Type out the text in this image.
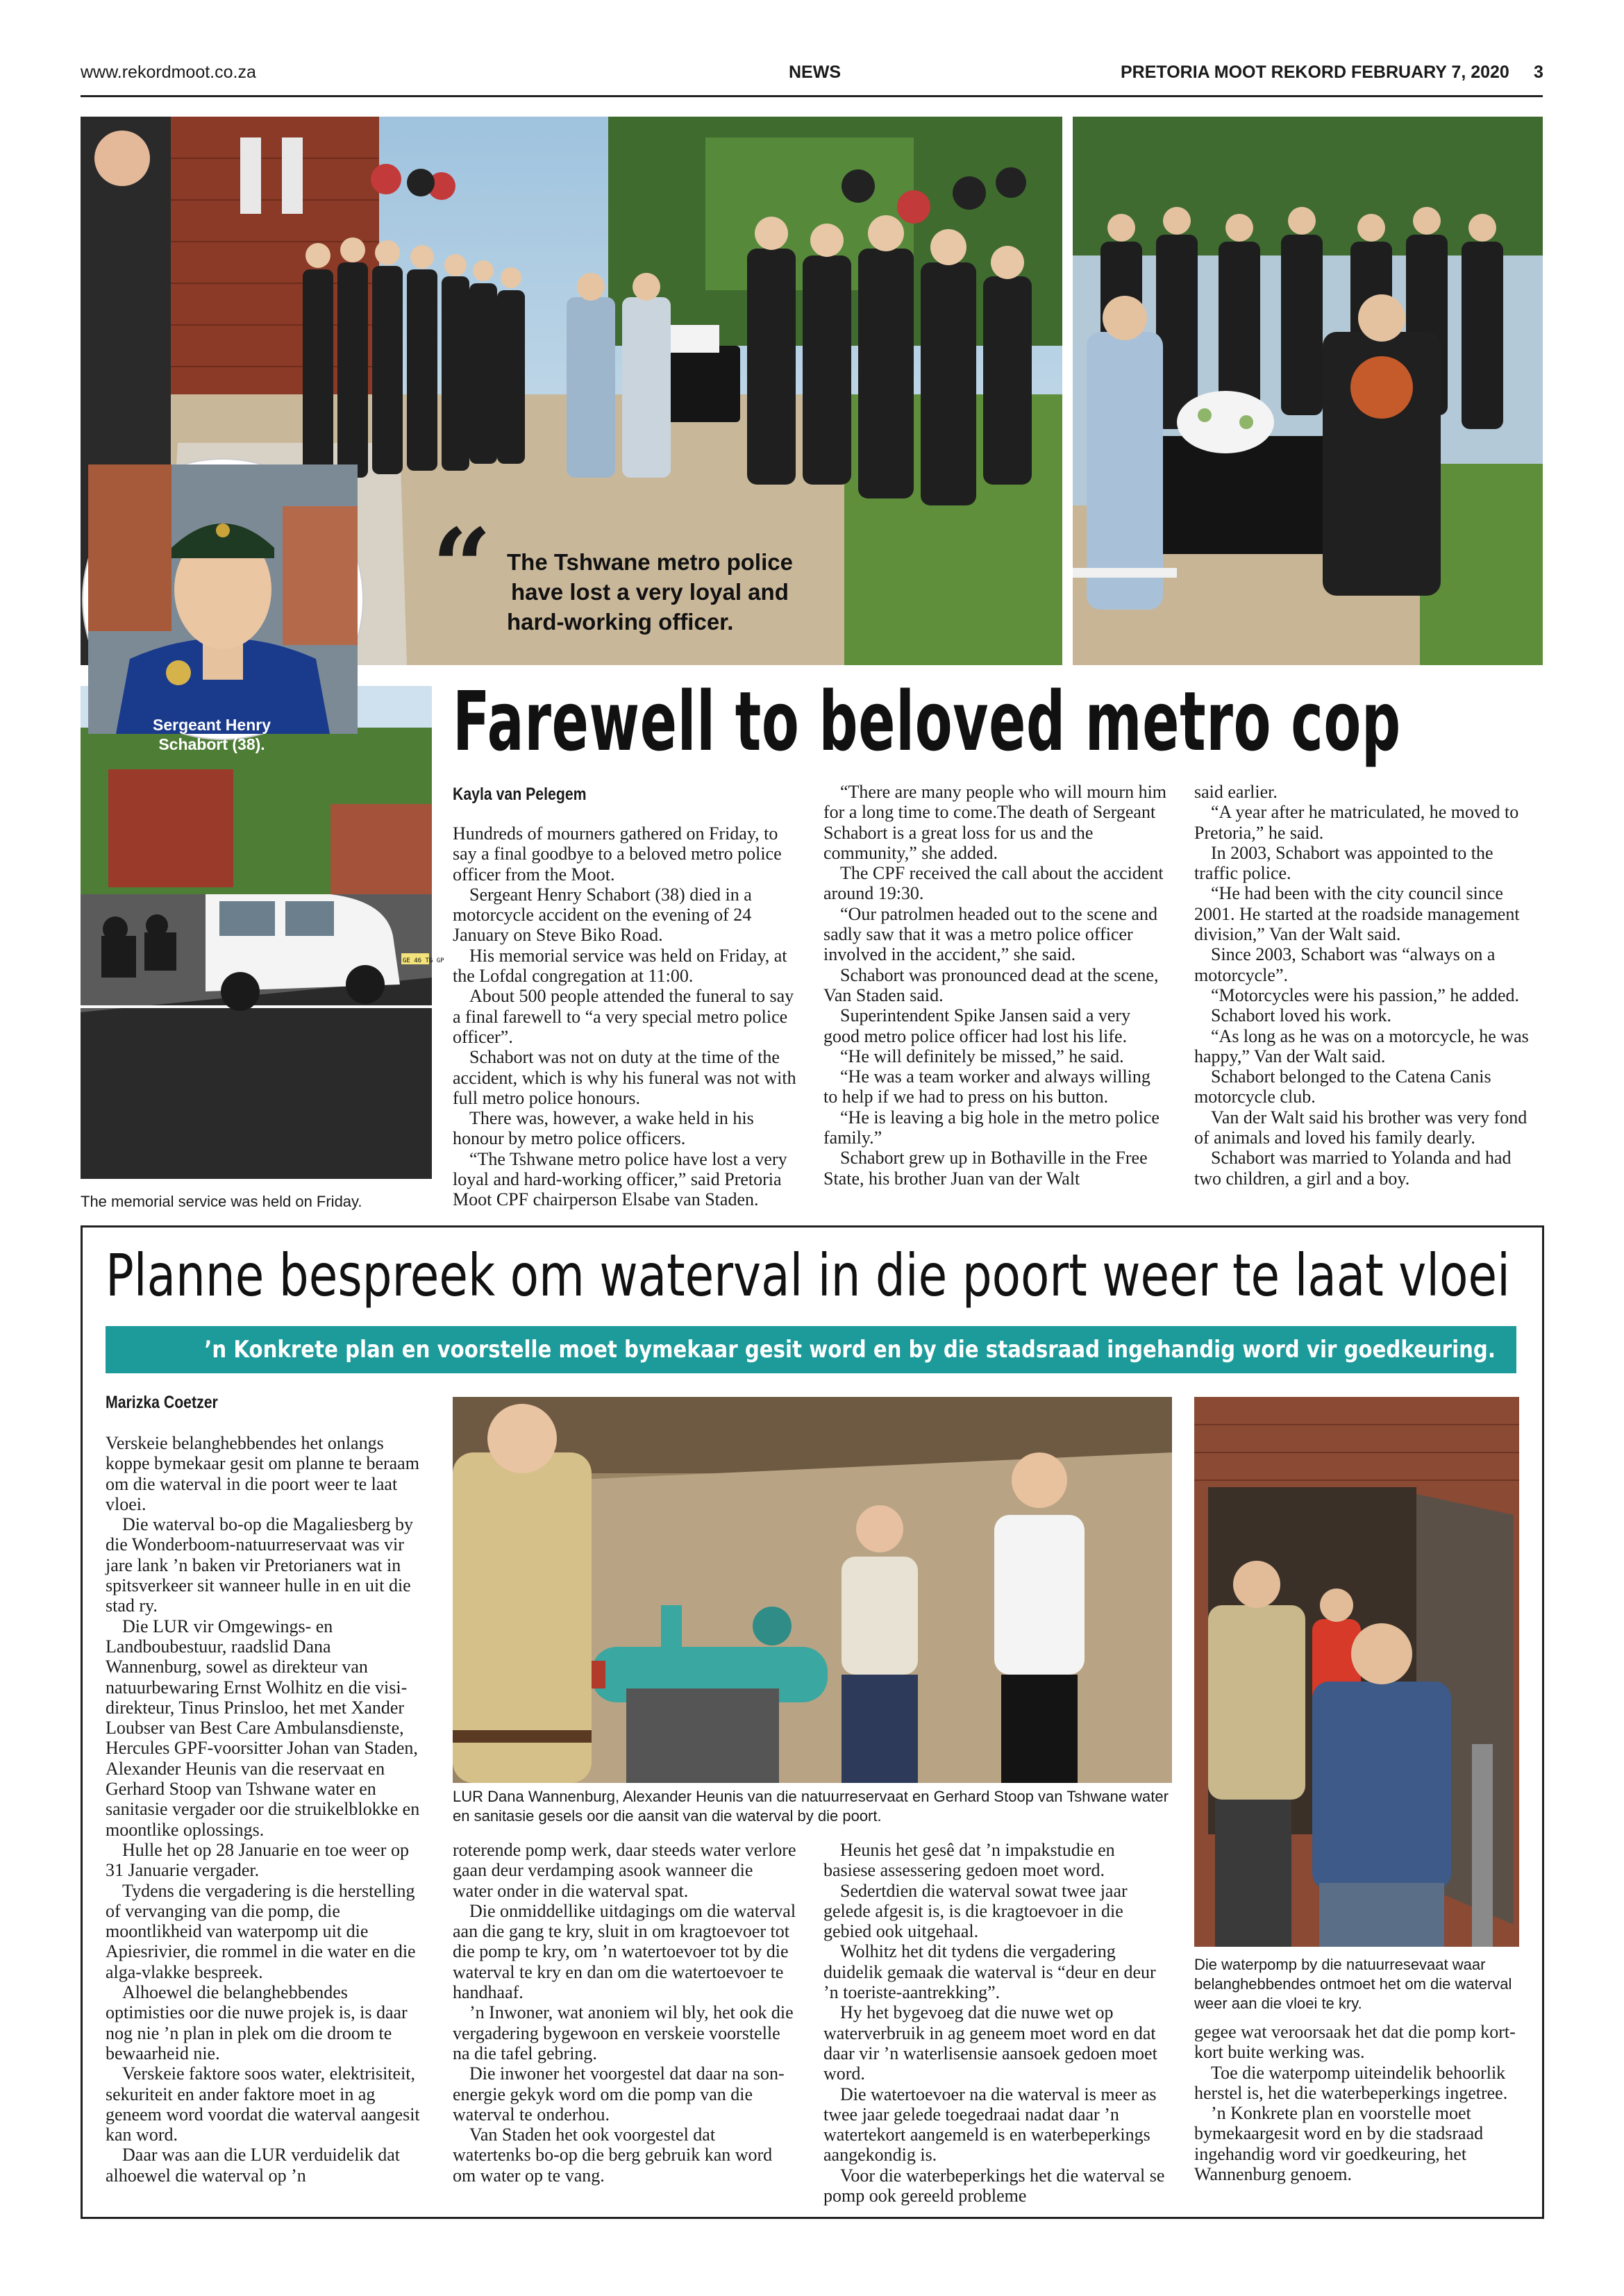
www.rekordmoot.co.za	NEWS	PRETORIA MOOT REKORD FEBRUARY 7, 2020 3
GE 46 TG GP
Sergeant Henry
Schabort (38).
“ The Tshwane metro police
have lost a very loyal and
hard-working officer.
Farewell to beloved metro cop
Kayla van Pelegem

Hundreds of mourners gathered on Friday, to say a final goodbye to a beloved metro police officer from the Moot.

Sergeant Henry Schabort (38) died in a motorcycle accident on the evening of 24 January on Steve Biko Road.

His memorial service was held on Friday, at the Lofdal congregation at 11:00.

About 500 people attended the funeral to say a final farewell to “a very special metro police officer”.

Schabort was not on duty at the time of the accident, which is why his funeral was not with full metro police honours.

There was, however, a wake held in his honour by metro police officers.

“The Tshwane metro police have lost a very loyal and hard-working officer,” said Pretoria Moot CPF chairperson Elsabe van Staden.

“There are many people who will mourn him for a long time to come.The death of Sergeant Schabort is a great loss for us and the community,” she added.

The CPF received the call about the accident around 19:30.

“Our patrolmen headed out to the scene and sadly saw that it was a metro police officer involved in the accident,” she said.

Schabort was pronounced dead at the scene, Van Staden said.

Superintendent Spike Jansen said a very good metro police officer had lost his life.

“He will definitely be missed,” he said.

“He was a team worker and always willing to help if we had to press on his button.

“He is leaving a big hole in the metro police family.”

Schabort grew up in Bothaville in the Free State, his brother Juan van der Walt

said earlier.

“A year after he matriculated, he moved to Pretoria,” he said.

In 2003, Schabort was appointed to the traffic police.

“He had been with the city council since 2001. He started at the roadside management division,” Van der Walt said.

Since 2003, Schabort was “always on a motorcycle”.

“Motorcycles were his passion,” he added.

Schabort loved his work.

“As long as he was on a motorcycle, he was happy,” Van der Walt said.

Schabort belonged to the Catena Canis motorcycle club.

Van der Walt said his brother was very fond of animals and loved his family dearly.

Schabort was married to Yolanda and had two children, a girl and a boy.

The memorial service was held on Friday.
Planne bespreek om waterval in die poort weer te laat vloei
’n Konkrete plan en voorstelle moet bymekaar gesit word en by die stadsraad ingehandig word vir goedkeuring.
Marizka Coetzer

Verskeie belanghebbendes het onlangs koppe bymekaar gesit om planne te beraam om die waterval in die poort weer te laat vloei.

Die waterval bo-op die Magaliesberg by die Wonderboom-natuurreservaat was vir jare lank ’n baken vir Pretorianers wat in spitsverkeer sit wanneer hulle in en uit die stad ry.

Die LUR vir Omgewings- en Landboubestuur, raadslid Dana Wannenburg, sowel as direkteur van natuurbewaring Ernst Wolhitz en die visi-direkteur, Tinus Prinsloo, het met Xander Loubser van Best Care Ambulansdienste, Hercules GPF-voorsitter Johan van Staden, Alexander Heunis van die reservaat en Gerhard Stoop van Tshwane water en sanitasie vergader oor die struikelblokke en moontlike oplossings.

Hulle het op 28 Januarie en toe weer op 31 Januarie vergader.

Tydens die vergadering is die herstelling of vervanging van die pomp, die moontlikheid van waterpomp uit die Apiesrivier, die rommel in die water en die alga-vlakke bespreek.

Alhoewel die belanghebbendes optimisties oor die nuwe projek is, is daar nog nie ’n plan in plek om die droom te bewaarheid nie.

Verskeie faktore soos water, elektrisiteit, sekuriteit en ander faktore moet in ag geneem word voordat die waterval aangesit kan word.

Daar was aan die LUR verduidelik dat alhoewel die waterval op ’n

LUR Dana Wannenburg, Alexander Heunis van die natuurreservaat en Gerhard Stoop van Tshwane water en sanitasie gesels oor die aansit van die waterval by die poort.

roterende pomp werk, daar steeds water verlore gaan deur verdamping asook wanneer die water onder in die waterval spat.

Die onmiddellike uitdagings om die waterval aan die gang te kry, sluit in om kragtoevoer tot die pomp te kry, om ’n watertoevoer tot by die waterval te kry en dan om die watertoevoer te handhaaf.

’n Inwoner, wat anoniem wil bly, het ook die vergadering bygewoon en verskeie voorstelle na die tafel gebring.

Die inwoner het voorgestel dat daar na son-energie gekyk word om die pomp van die waterval te onderhou.

Van Staden het ook voorgestel dat watertenks bo-op die berg gebruik kan word om water op te vang.

Heunis het gesê dat ’n impakstudie en basiese assessering gedoen moet word.

Sedertdien die waterval sowat twee jaar gelede afgesit is, is die kragtoevoer in die gebied ook uitgehaal.

Wolhitz het dit tydens die vergadering duidelik gemaak die waterval is “deur en deur ’n toeriste-aantrekking”.

Hy het bygevoeg dat die nuwe wet op waterverbruik in ag geneem moet word en dat daar vir ’n waterlisensie aansoek gedoen moet word.

Die watertoevoer na die waterval is meer as twee jaar gelede toegedraai nadat daar ’n watertekort aangemeld is en waterbeperkings aangekondig is.

Voor die waterbeperkings het die waterval se pomp ook gereeld probleme

Die waterpomp by die natuurresevaat waar belanghebbendes ontmoet het om die waterval weer aan die vloei te kry.

gegee wat veroorsaak het dat die pomp kort-kort buite werking was.

Toe die waterpomp uiteindelik behoorlik herstel is, het die waterbeperkings ingetree.

’n Konkrete plan en voorstelle moet bymekaargesit word en by die stadsraad ingehandig word vir goedkeuring, het Wannenburg genoem.
